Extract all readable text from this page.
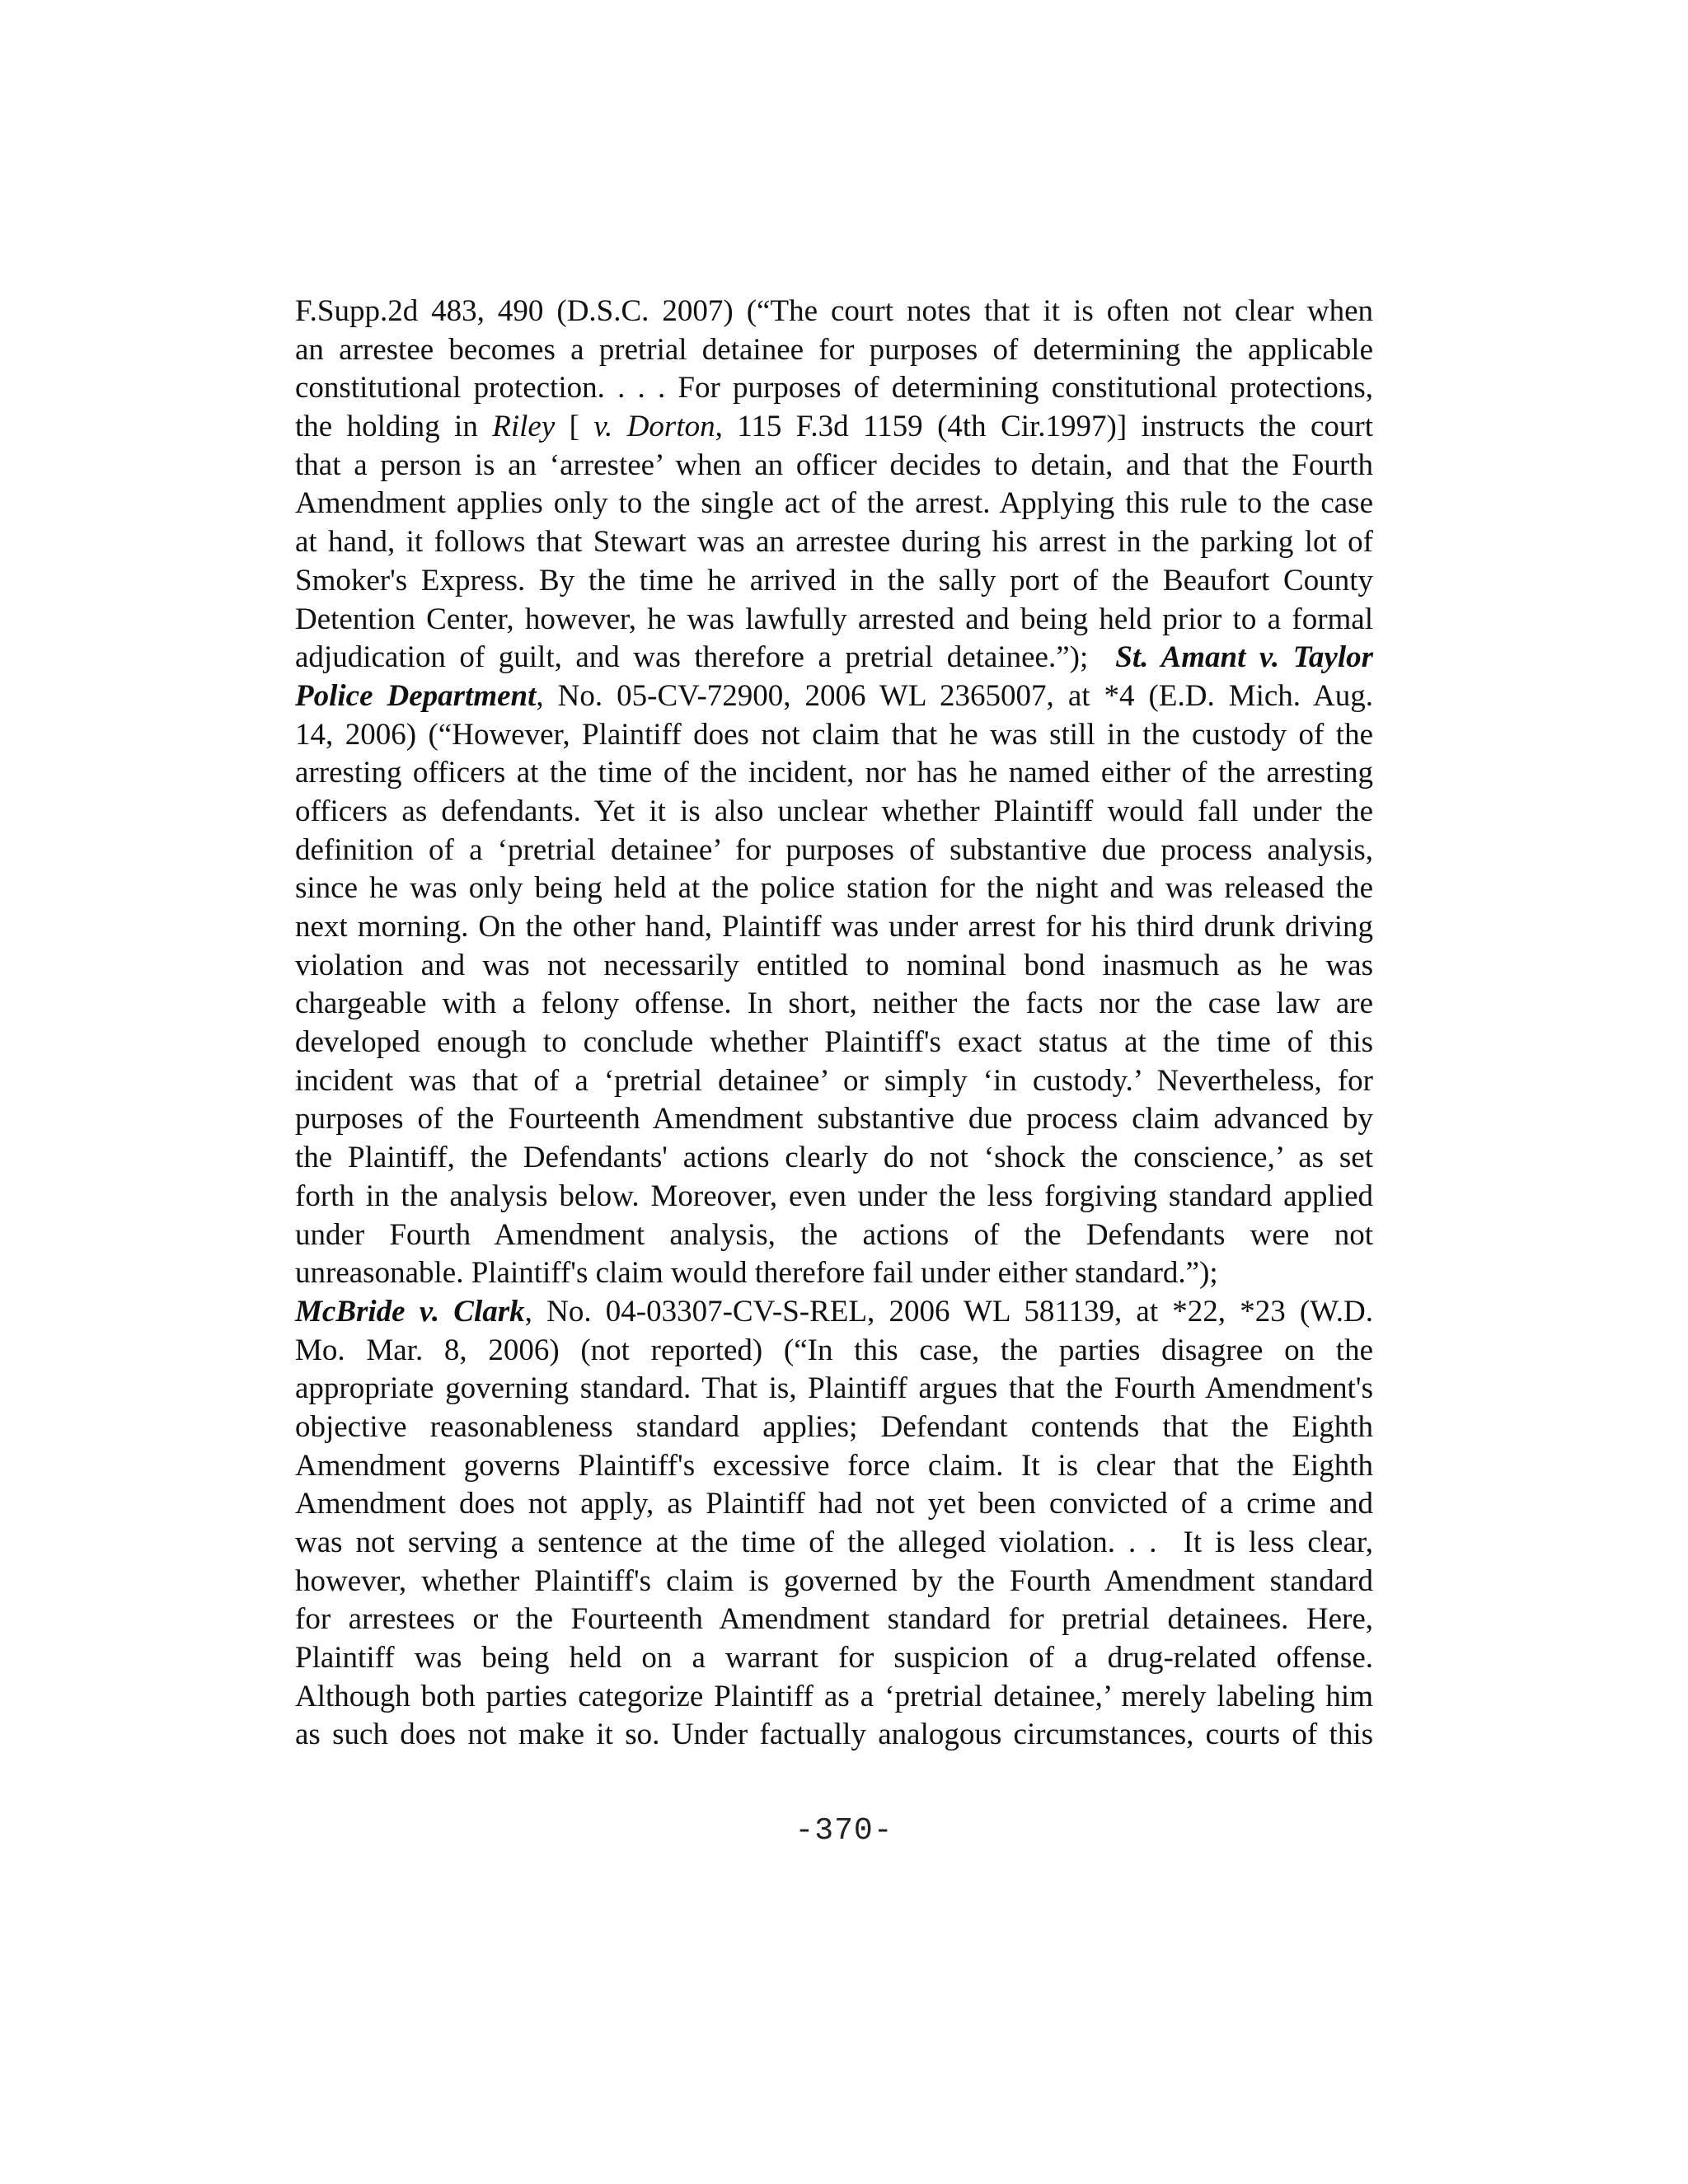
F.Supp.2d 483, 490 (D.S.C. 2007) (“The court notes that it is often not clear when
an arrestee becomes a pretrial detainee for purposes of determining the applicable
constitutional protection. . . . For purposes of determining constitutional protections,
the holding in Riley [ v. Dorton, 115 F.3d 1159 (4th Cir.1997)] instructs the court
that a person is an ‘arrestee’ when an officer decides to detain, and that the Fourth
Amendment applies only to the single act of the arrest. Applying this rule to the case
at hand, it follows that Stewart was an arrestee during his arrest in the parking lot of
Smoker's Express. By the time he arrived in the sally port of the Beaufort County
Detention Center, however, he was lawfully arrested and being held prior to a formal
adjudication of guilt, and was therefore a pretrial detainee.”);  St. Amant v. Taylor
Police Department, No. 05-CV-72900, 2006 WL 2365007, at *4 (E.D. Mich. Aug.
14, 2006) (“However, Plaintiff does not claim that he was still in the custody of the
arresting officers at the time of the incident, nor has he named either of the arresting
officers as defendants. Yet it is also unclear whether Plaintiff would fall under the
definition of a ‘pretrial detainee’ for purposes of substantive due process analysis,
since he was only being held at the police station for the night and was released the
next morning. On the other hand, Plaintiff was under arrest for his third drunk driving
violation and was not necessarily entitled to nominal bond inasmuch as he was
chargeable with a felony offense. In short, neither the facts nor the case law are
developed enough to conclude whether Plaintiff's exact status at the time of this
incident was that of a ‘pretrial detainee’ or simply ‘in custody.’ Nevertheless, for
purposes of the Fourteenth Amendment substantive due process claim advanced by
the Plaintiff, the Defendants' actions clearly do not ‘shock the conscience,’ as set
forth in the analysis below. Moreover, even under the less forgiving standard applied
under Fourth Amendment analysis, the actions of the Defendants were not
unreasonable. Plaintiff's claim would therefore fail under either standard.”);
McBride v. Clark, No. 04-03307-CV-S-REL, 2006 WL 581139, at *22, *23 (W.D.
Mo. Mar. 8, 2006) (not reported) (“In this case, the parties disagree on the
appropriate governing standard. That is, Plaintiff argues that the Fourth Amendment's
objective reasonableness standard applies; Defendant contends that the Eighth
Amendment governs Plaintiff's excessive force claim. It is clear that the Eighth
Amendment does not apply, as Plaintiff had not yet been convicted of a crime and
was not serving a sentence at the time of the alleged violation. . .  It is less clear,
however, whether Plaintiff's claim is governed by the Fourth Amendment standard
for arrestees or the Fourteenth Amendment standard for pretrial detainees. Here,
Plaintiff was being held on a warrant for suspicion of a drug-related offense.
Although both parties categorize Plaintiff as a ‘pretrial detainee,’ merely labeling him
as such does not make it so. Under factually analogous circumstances, courts of this
-370-
